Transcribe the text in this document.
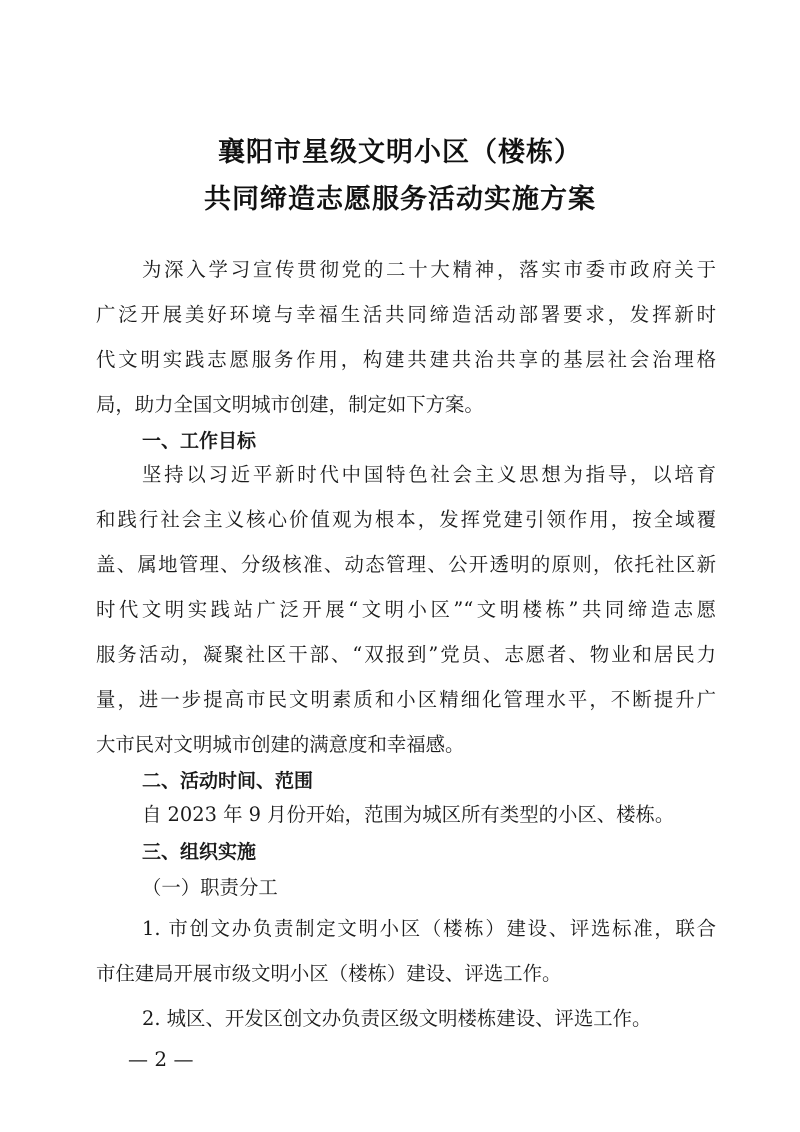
襄阳市星级文明小区（楼栋）
共同缔造志愿服务活动实施方案
为深入学习宣传贯彻党的二十大精神，落实市委市政府关于
广泛开展美好环境与幸福生活共同缔造活动部署要求，发挥新时
代文明实践志愿服务作用，构建共建共治共享的基层社会治理格
局，助力全国文明城市创建，制定如下方案。
一、工作目标
坚持以习近平新时代中国特色社会主义思想为指导，以培育
和践行社会主义核心价值观为根本，发挥党建引领作用，按全域覆
盖、属地管理、分级核准、动态管理、公开透明的原则，依托社区新
时代文明实践站广泛开展“文明小区”“文明楼栋”共同缔造志愿
服务活动，凝聚社区干部、“双报到”党员、志愿者、物业和居民力
量，进一步提高市民文明素质和小区精细化管理水平，不断提升广
大市民对文明城市创建的满意度和幸福感。
二、活动时间、范围
自 2023 年 9 月份开始，范围为城区所有类型的小区、楼栋。
三、组织实施
（一）职责分工
1. 市创文办负责制定文明小区（楼栋）建设、评选标准，联合
市住建局开展市级文明小区（楼栋）建设、评选工作。
2. 城区、开发区创文办负责区级文明楼栋建设、评选工作。
— 2 —
